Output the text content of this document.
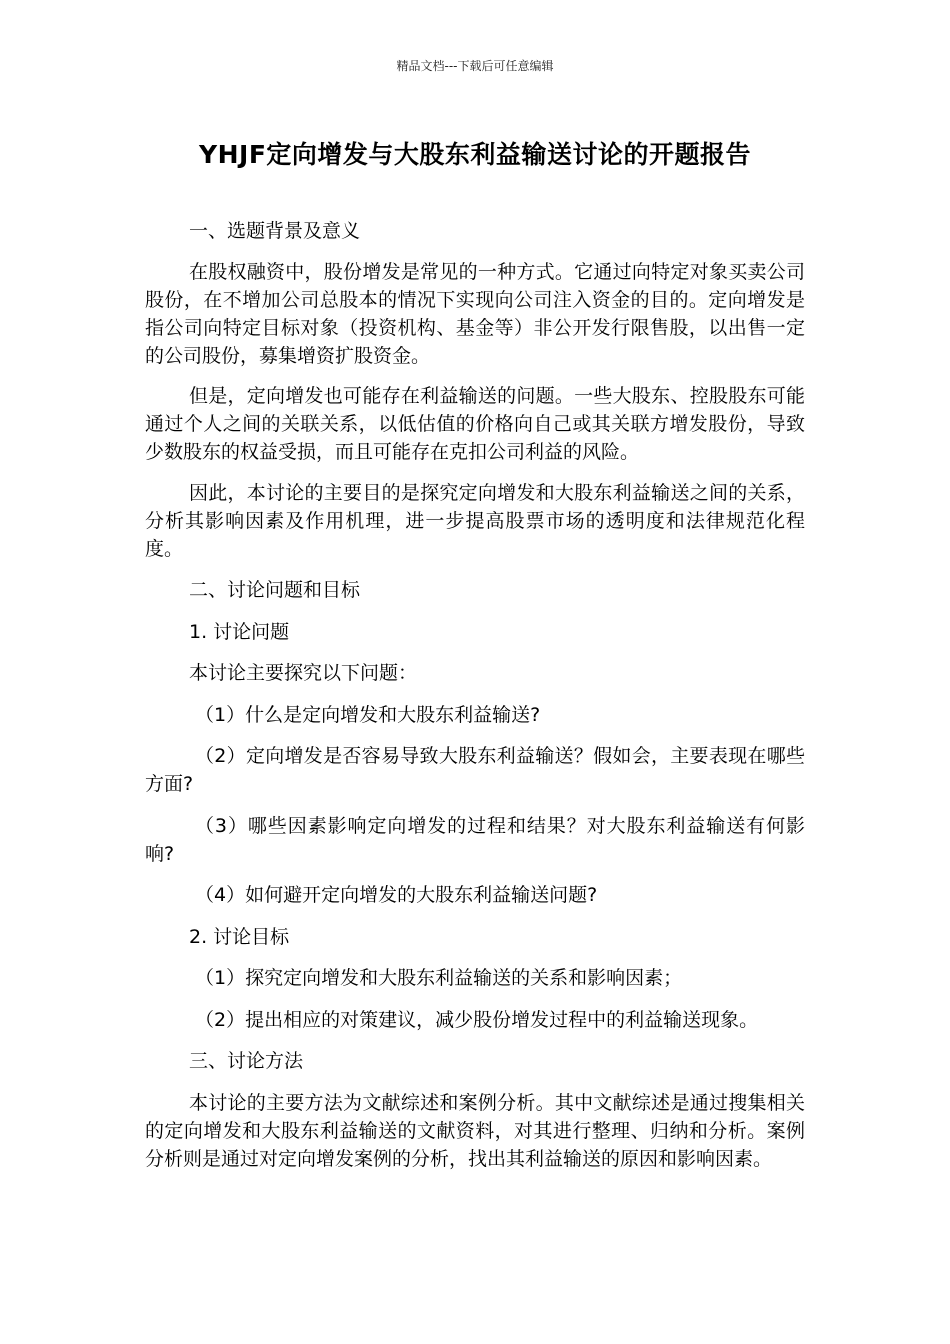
精品文档---下载后可任意编辑
YHJF定向增发与大股东利益输送讨论的开题报告

一、选题背景及意义

在股权融资中，股份增发是常见的一种方式。它通过向特定对象买卖公司股份，在不增加公司总股本的情况下实现向公司注入资金的目的。定向增发是指公司向特定目标对象（投资机构、基金等）非公开发行限售股，以出售一定的公司股份，募集增资扩股资金。

但是，定向增发也可能存在利益输送的问题。一些大股东、控股股东可能通过个人之间的关联关系，以低估值的价格向自己或其关联方增发股份，导致少数股东的权益受损，而且可能存在克扣公司利益的风险。

因此，本讨论的主要目的是探究定向增发和大股东利益输送之间的关系，分析其影响因素及作用机理，进一步提高股票市场的透明度和法律规范化程度。

二、讨论问题和目标

1. 讨论问题

本讨论主要探究以下问题：

（1）什么是定向增发和大股东利益输送?

（2）定向增发是否容易导致大股东利益输送？假如会，主要表现在哪些方面?

（3）哪些因素影响定向增发的过程和结果？对大股东利益输送有何影响?

（4）如何避开定向增发的大股东利益输送问题?

2. 讨论目标

（1）探究定向增发和大股东利益输送的关系和影响因素；

（2）提出相应的对策建议，减少股份增发过程中的利益输送现象。

三、讨论方法

本讨论的主要方法为文献综述和案例分析。其中文献综述是通过搜集相关的定向增发和大股东利益输送的文献资料，对其进行整理、归纳和分析。案例分析则是通过对定向增发案例的分析，找出其利益输送的原因和影响因素。
